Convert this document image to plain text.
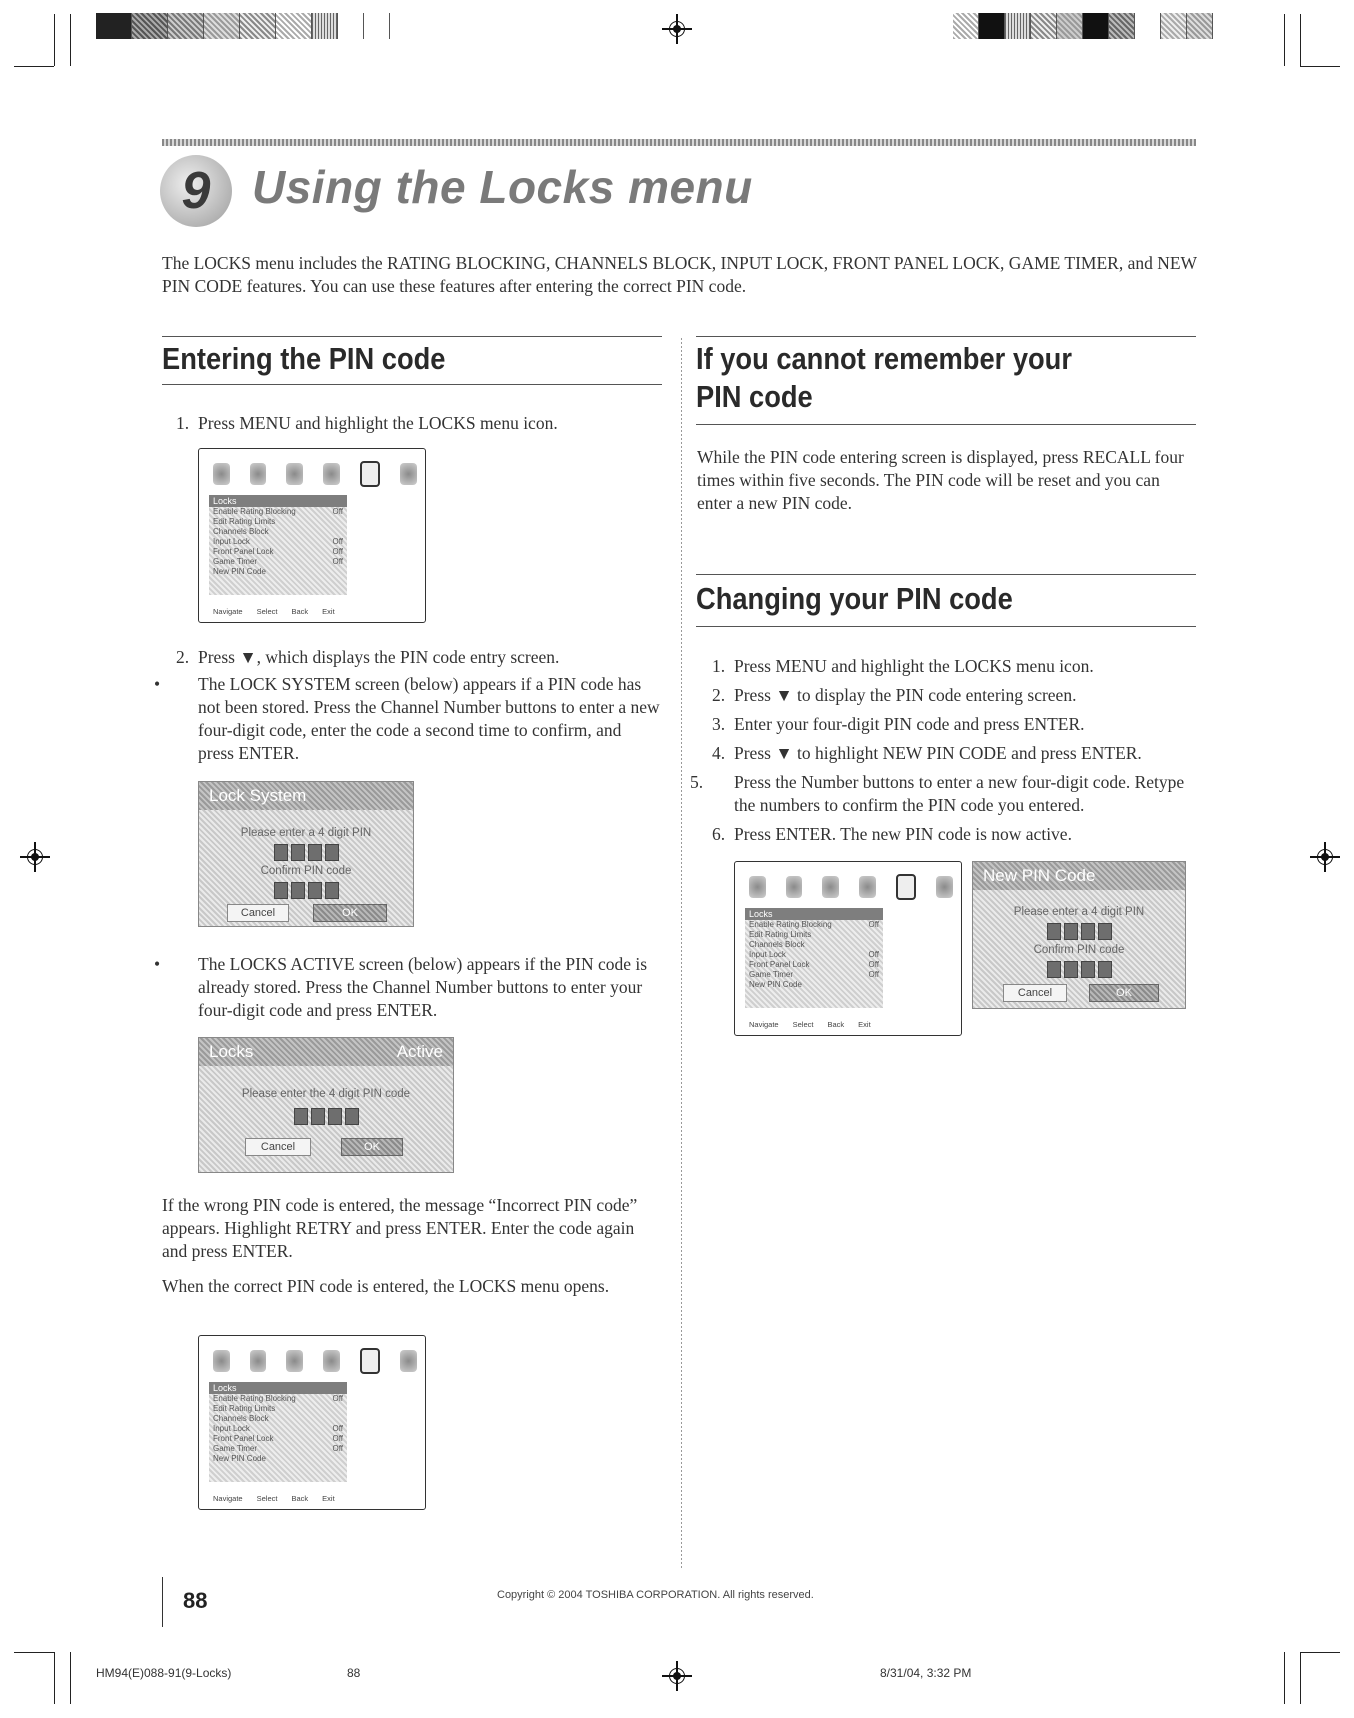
9 Using the Locks menu
The LOCKS menu includes the RATING BLOCKING, CHANNELS BLOCK, INPUT LOCK, FRONT PANEL LOCK, GAME TIMER, and NEW PIN CODE features. You can use these features after entering the correct PIN code.
Entering the PIN code
1. Press MENU and highlight the LOCKS menu icon.
Locks
Enable Rating Blocking	Off
Edit Rating Limits
Channels Block
Input Lock	Off
Front Panel Lock	Off
Game Timer	Off
New PIN Code
Navigate Select Back Exit
2. Press ▼, which displays the PIN code entry screen.
• The LOCK SYSTEM screen (below) appears if a PIN code has not been stored. Press the Channel Number buttons to enter a new four-digit code, enter the code a second time to confirm, and press ENTER.
Lock System
Please enter a 4 digit PIN
Confirm PIN code
Cancel	OK
• The LOCKS ACTIVE screen (below) appears if the PIN code is already stored. Press the Channel Number buttons to enter your four-digit code and press ENTER.
Locks	Active
Please enter the 4 digit PIN code
Cancel	OK
If the wrong PIN code is entered, the message “Incorrect PIN code” appears. Highlight RETRY and press ENTER. Enter the code again and press ENTER.
When the correct PIN code is entered, the LOCKS menu opens.
Locks
Enable Rating Blocking	Off
Edit Rating Limits
Channels Block
Input Lock	Off
Front Panel Lock	Off
Game Timer	Off
New PIN Code
Navigate Select Back Exit
If you cannot remember your
PIN code
While the PIN code entering screen is displayed, press RECALL four times within five seconds. The PIN code will be reset and you can enter a new PIN code.
Changing your PIN code
1. Press MENU and highlight the LOCKS menu icon.
2. Press ▼ to display the PIN code entering screen.
3. Enter your four-digit PIN code and press ENTER.
4. Press ▼ to highlight NEW PIN CODE and press ENTER.
5. Press the Number buttons to enter a new four-digit code. Retype the numbers to confirm the PIN code you entered.
6. Press ENTER. The new PIN code is now active.
Locks
Enable Rating Blocking	Off
Edit Rating Limits
Channels Block
Input Lock	Off
Front Panel Lock	Off
Game Timer	Off
New PIN Code
Navigate Select Back Exit
New PIN Code
Please enter a 4 digit PIN
Confirm PIN code
Cancel	OK
88	Copyright © 2004 TOSHIBA CORPORATION. All rights reserved.
HM94(E)088-91(9-Locks)	88	8/31/04, 3:32 PM
